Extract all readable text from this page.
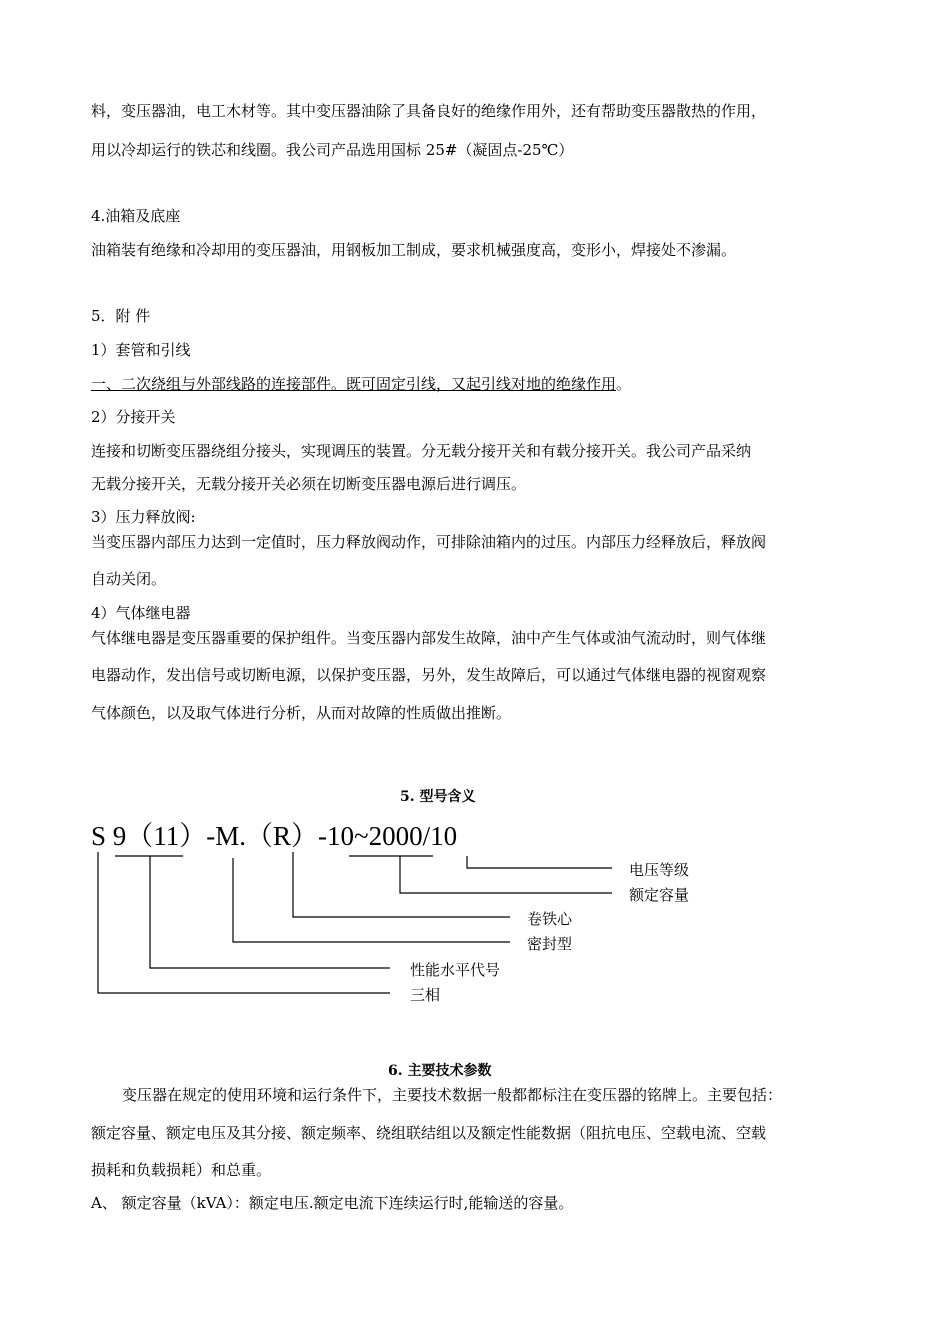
料，变压器油，电工木材等。其中变压器油除了具备良好的绝缘作用外，还有帮助变压器散热的作用，
用以冷却运行的铁芯和线圈。我公司产品选用国标 25#（凝固点-25℃）
4.油箱及底座
油箱装有绝缘和冷却用的变压器油，用钢板加工制成，要求机械强度高，变形小，焊接处不渗漏。
5．附 件
1）套管和引线
一、二次绕组与外部线路的连接部件。既可固定引线，又起引线对地的绝缘作用。
2）分接开关
连接和切断变压器绕组分接头，实现调压的装置。分无载分接开关和有载分接开关。我公司产品采纳
无载分接开关，无载分接开关必须在切断变压器电源后进行调压。
3）压力释放阀:
当变压器内部压力达到一定值时，压力释放阀动作，可排除油箱内的过压。内部压力经释放后，释放阀
自动关闭。
4）气体继电器
气体继电器是变压器重要的保护组件。当变压器内部发生故障，油中产生气体或油气流动时，则气体继
电器动作，发出信号或切断电源，以保护变压器，另外，发生故障后，可以通过气体继电器的视窗观察
气体颜色，以及取气体进行分析，从而对故障的性质做出推断。
5. 型号含义
S 9（11）-M.（R）-10~2000/10
电压等级
额定容量
卷铁心
密封型
性能水平代号
三相
6. 主要技术参数
变压器在规定的使用环境和运行条件下，主要技术数据一般都都标注在变压器的铭牌上。主要包括：
额定容量、额定电压及其分接、额定频率、绕组联结组以及额定性能数据（阻抗电压、空载电流、空载
损耗和负载损耗）和总重。
A、 额定容量（kVA）：额定电压.额定电流下连续运行时,能输送的容量。
